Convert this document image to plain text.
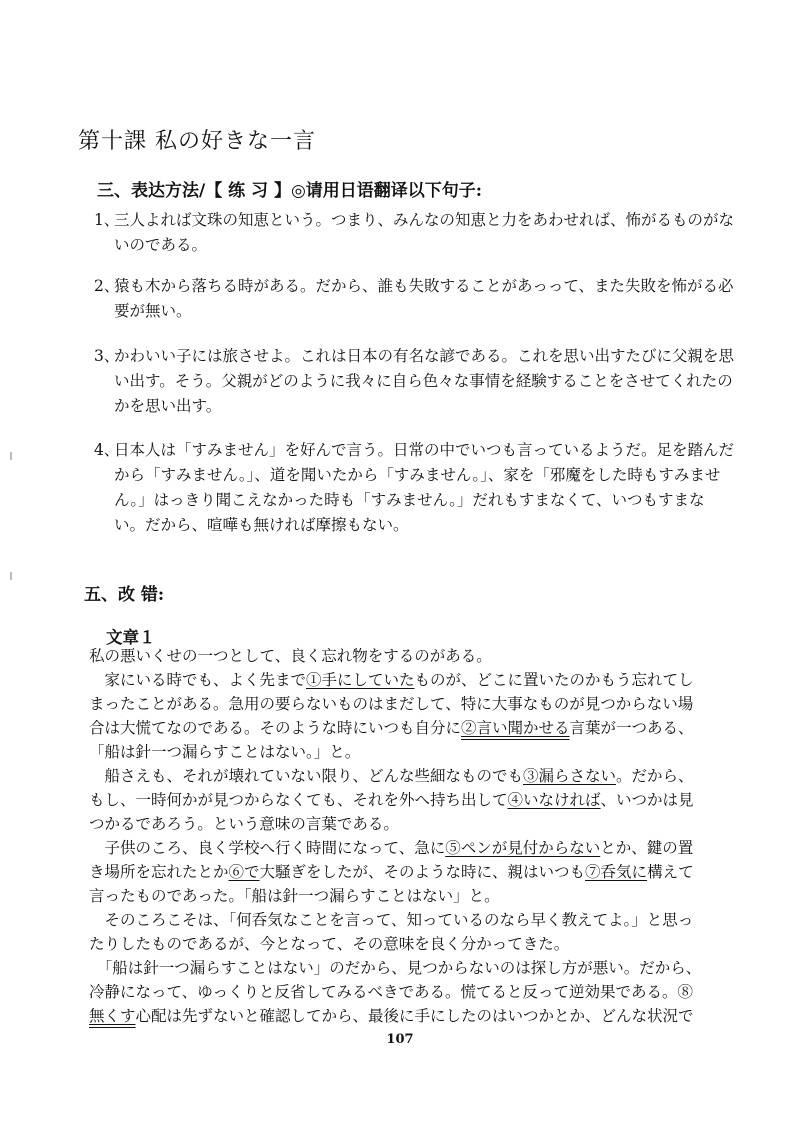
第十課 私の好きな一言
三、表达方法/【 练 习 】◎请用日语翻译以下句子:
1、
三人よれば文珠の知恵という。つまり、みんなの知恵と力をあわせれば、怖がるものがないのである。
2、
猿も木から落ちる時がある。だから、誰も失敗することがあっって、また失敗を怖がる必要が無い。
3、
かわいい子には旅させよ。これは日本の有名な諺である。これを思い出すたびに父親を思い出す。そう。父親がどのように我々に自ら色々な事情を経験することをさせてくれたのかを思い出す。
4、
日本人は「すみません」を好んで言う。日常の中でいつも言っているようだ。足を踏んだから「すみません。」、道を聞いたから「すみません。」、家を「邪魔をした時もすみません。」はっきり聞こえなかった時も「すみません。」だれもすまなくて、いつもすまない。だから、喧嘩も無ければ摩擦もない。
五、改 错:
文章１
私の悪いくせの一つとして、良く忘れ物をするのがある。
　家にいる時でも、よく先まで①手にしていたものが、どこに置いたのかもう忘れてし
まったことがある。急用の要らないものはまだして、特に大事なものが見つからない場
合は大慌てなのである。そのような時にいつも自分に②言い聞かせる言葉が一つある、
「船は針一つ漏らすことはない。」と。
　船さえも、それが壊れていない限り、どんな些細なものでも③漏らさない。だから、
もし、一時何かが見つからなくても、それを外へ持ち出して④いなければ、いつかは見
つかるであろう。という意味の言葉である。
　子供のころ、良く学校へ行く時間になって、急に⑤ペンが見付からないとか、鍵の置
き場所を忘れたとか⑥で大騒ぎをしたが、そのような時に、親はいつも⑦呑気に構えて
言ったものであった。「船は針一つ漏らすことはない」と。
　そのころこそは、「何呑気なことを言って、知っているのなら早く教えてよ。」と思っ
たりしたものであるが、今となって、その意味を良く分かってきた。
　「船は針一つ漏らすことはない」のだから、見つからないのは探し方が悪い。だから、
冷静になって、ゆっくりと反省してみるべきである。慌てると反って逆効果である。⑧
無くす心配は先ずないと確認してから、最後に手にしたのはいつかとか、どんな状況で
107
